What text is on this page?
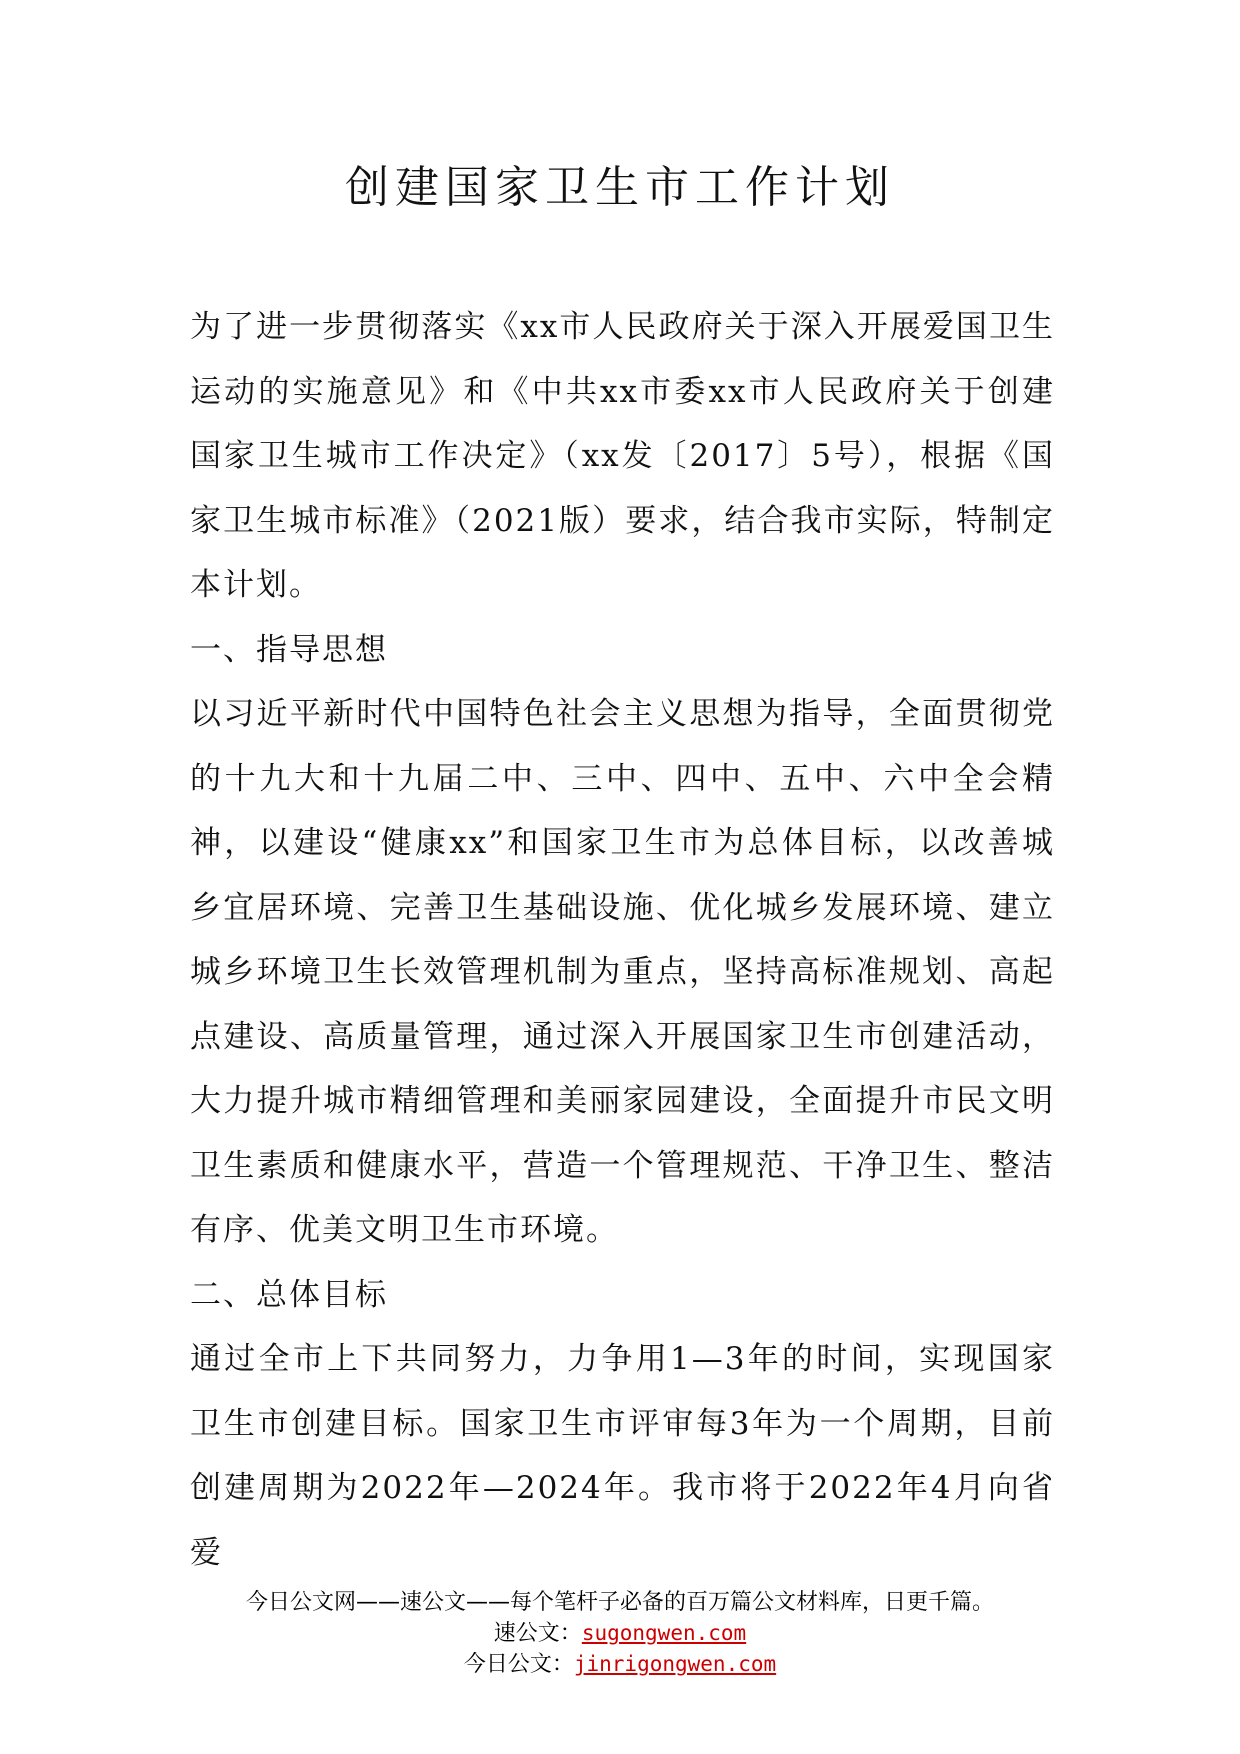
创建国家卫生市工作计划

为了进一步贯彻落实《xx市人民政府关于深入开展爱国卫生运动的实施意见》和《中共xx市委xx市人民政府关于创建国家卫生城市工作决定》（xx发〔2017〕5号），根据《国家卫生城市标准》（2021版）要求，结合我市实际，特制定本计划。

一、指导思想

以习近平新时代中国特色社会主义思想为指导，全面贯彻党的十九大和十九届二中、三中、四中、五中、六中全会精神，以建设“健康xx”和国家卫生市为总体目标，以改善城乡宜居环境、完善卫生基础设施、优化城乡发展环境、建立城乡环境卫生长效管理机制为重点，坚持高标准规划、高起点建设、高质量管理，通过深入开展国家卫生市创建活动，大力提升城市精细管理和美丽家园建设，全面提升市民文明卫生素质和健康水平，营造一个管理规范、干净卫生、整洁有序、优美文明卫生市环境。

二、总体目标

通过全市上下共同努力，力争用1—3年的时间，实现国家卫生市创建目标。国家卫生市评审每3年为一个周期，目前创建周期为2022年—2024年。我市将于2022年4月向省爱

今日公文网——速公文——每个笔杆子必备的百万篇公文材料库，日更千篇。
速公文：sugongwen.com
今日公文：jinrigongwen.com
